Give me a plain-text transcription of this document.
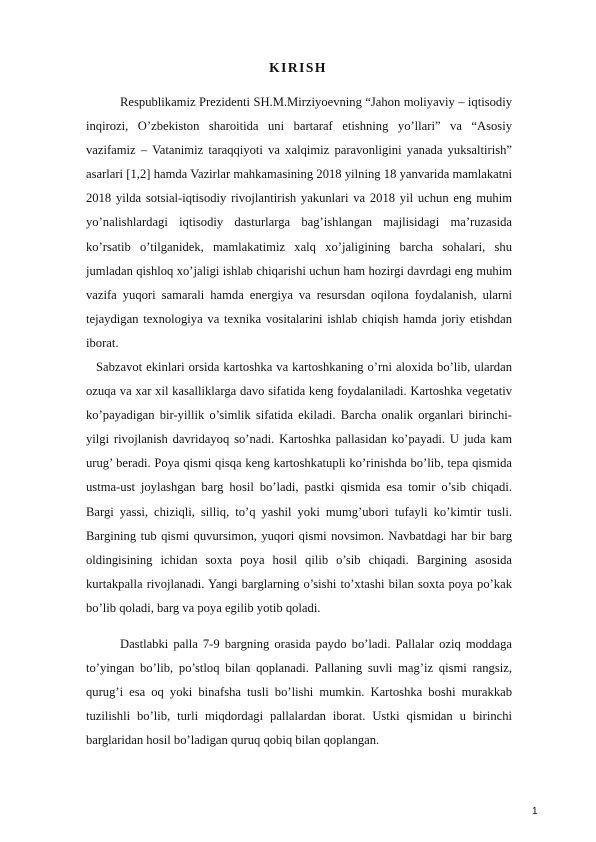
KIRISH

Respublikamiz Prezidenti SH.M.Mirziyoevning “Jahon moliyaviy – iqtisodiy inqirozi, O’zbekiston sharoitida uni bartaraf etishning yo’llari” va “Asosiy vazifamiz – Vatanimiz taraqqiyoti va xalqimiz paravonligini yanada yuksaltirish” asarlari [1,2] hamda Vazirlar mahkamasining 2018 yilning 18 yanvarida mamlakatni 2018 yilda sotsial-iqtisodiy rivojlantirish yakunlari va 2018 yil uchun eng muhim yo’nalishlardagi iqtisodiy dasturlarga bag’ishlangan majlisidagi ma’ruzasida ko’rsatib o’tilganidek, mamlakatimiz xalq xo’jaligining barcha sohalari, shu jumladan qishloq xo’jaligi ishlab chiqarishi uchun ham hozirgi davrdagi eng muhim vazifa yuqori samarali hamda energiya va resursdan oqilona foydalanish, ularni tejaydigan texnologiya va texnika vositalarini ishlab chiqish hamda joriy etishdan iborat.

Sabzavot ekinlari orsida kartoshka va kartoshkaning o’rni aloxida bo’lib, ulardan ozuqa va xar xil kasalliklarga davo sifatida keng foydalaniladi. Kartoshka vegetativ ko’payadigan bir-yillik o’simlik sifatida ekiladi. Barcha onalik organlari birinchi-yilgi rivojlanish davridayoq so’nadi. Kartoshka pallasidan ko’payadi. U juda kam urug’ beradi. Poya qismi qisqa keng kartoshkatupli ko’rinishda bo’lib, tepa qismida ustma-ust joylashgan barg hosil bo’ladi, pastki qismida esa tomir o’sib chiqadi. Bargi yassi, chiziqli, silliq, to’q yashil yoki mumg’ubori tufayli ko’kimtir tusli. Bargining tub qismi quvursimon, yuqori qismi novsimon. Navbatdagi har bir barg oldingisining ichidan soxta poya hosil qilib o’sib chiqadi. Bargining asosida kurtakpalla rivojlanadi. Yangi barglarning o’sishi to’xtashi bilan soxta poya po’kak bo’lib qoladi, barg va poya egilib yotib qoladi.

Dastlabki palla 7-9 bargning orasida paydo bo’ladi. Pallalar oziq moddaga to’yingan bo’lib, po’stloq bilan qoplanadi. Pallaning suvli mag’iz qismi rangsiz, qurug’i esa oq yoki binafsha tusli bo’lishi mumkin. Kartoshka boshi murakkab tuzilishli bo’lib, turli miqdordagi pallalardan iborat. Ustki qismidan u birinchi barglaridan hosil bo’ladigan quruq qobiq bilan qoplangan.

1
